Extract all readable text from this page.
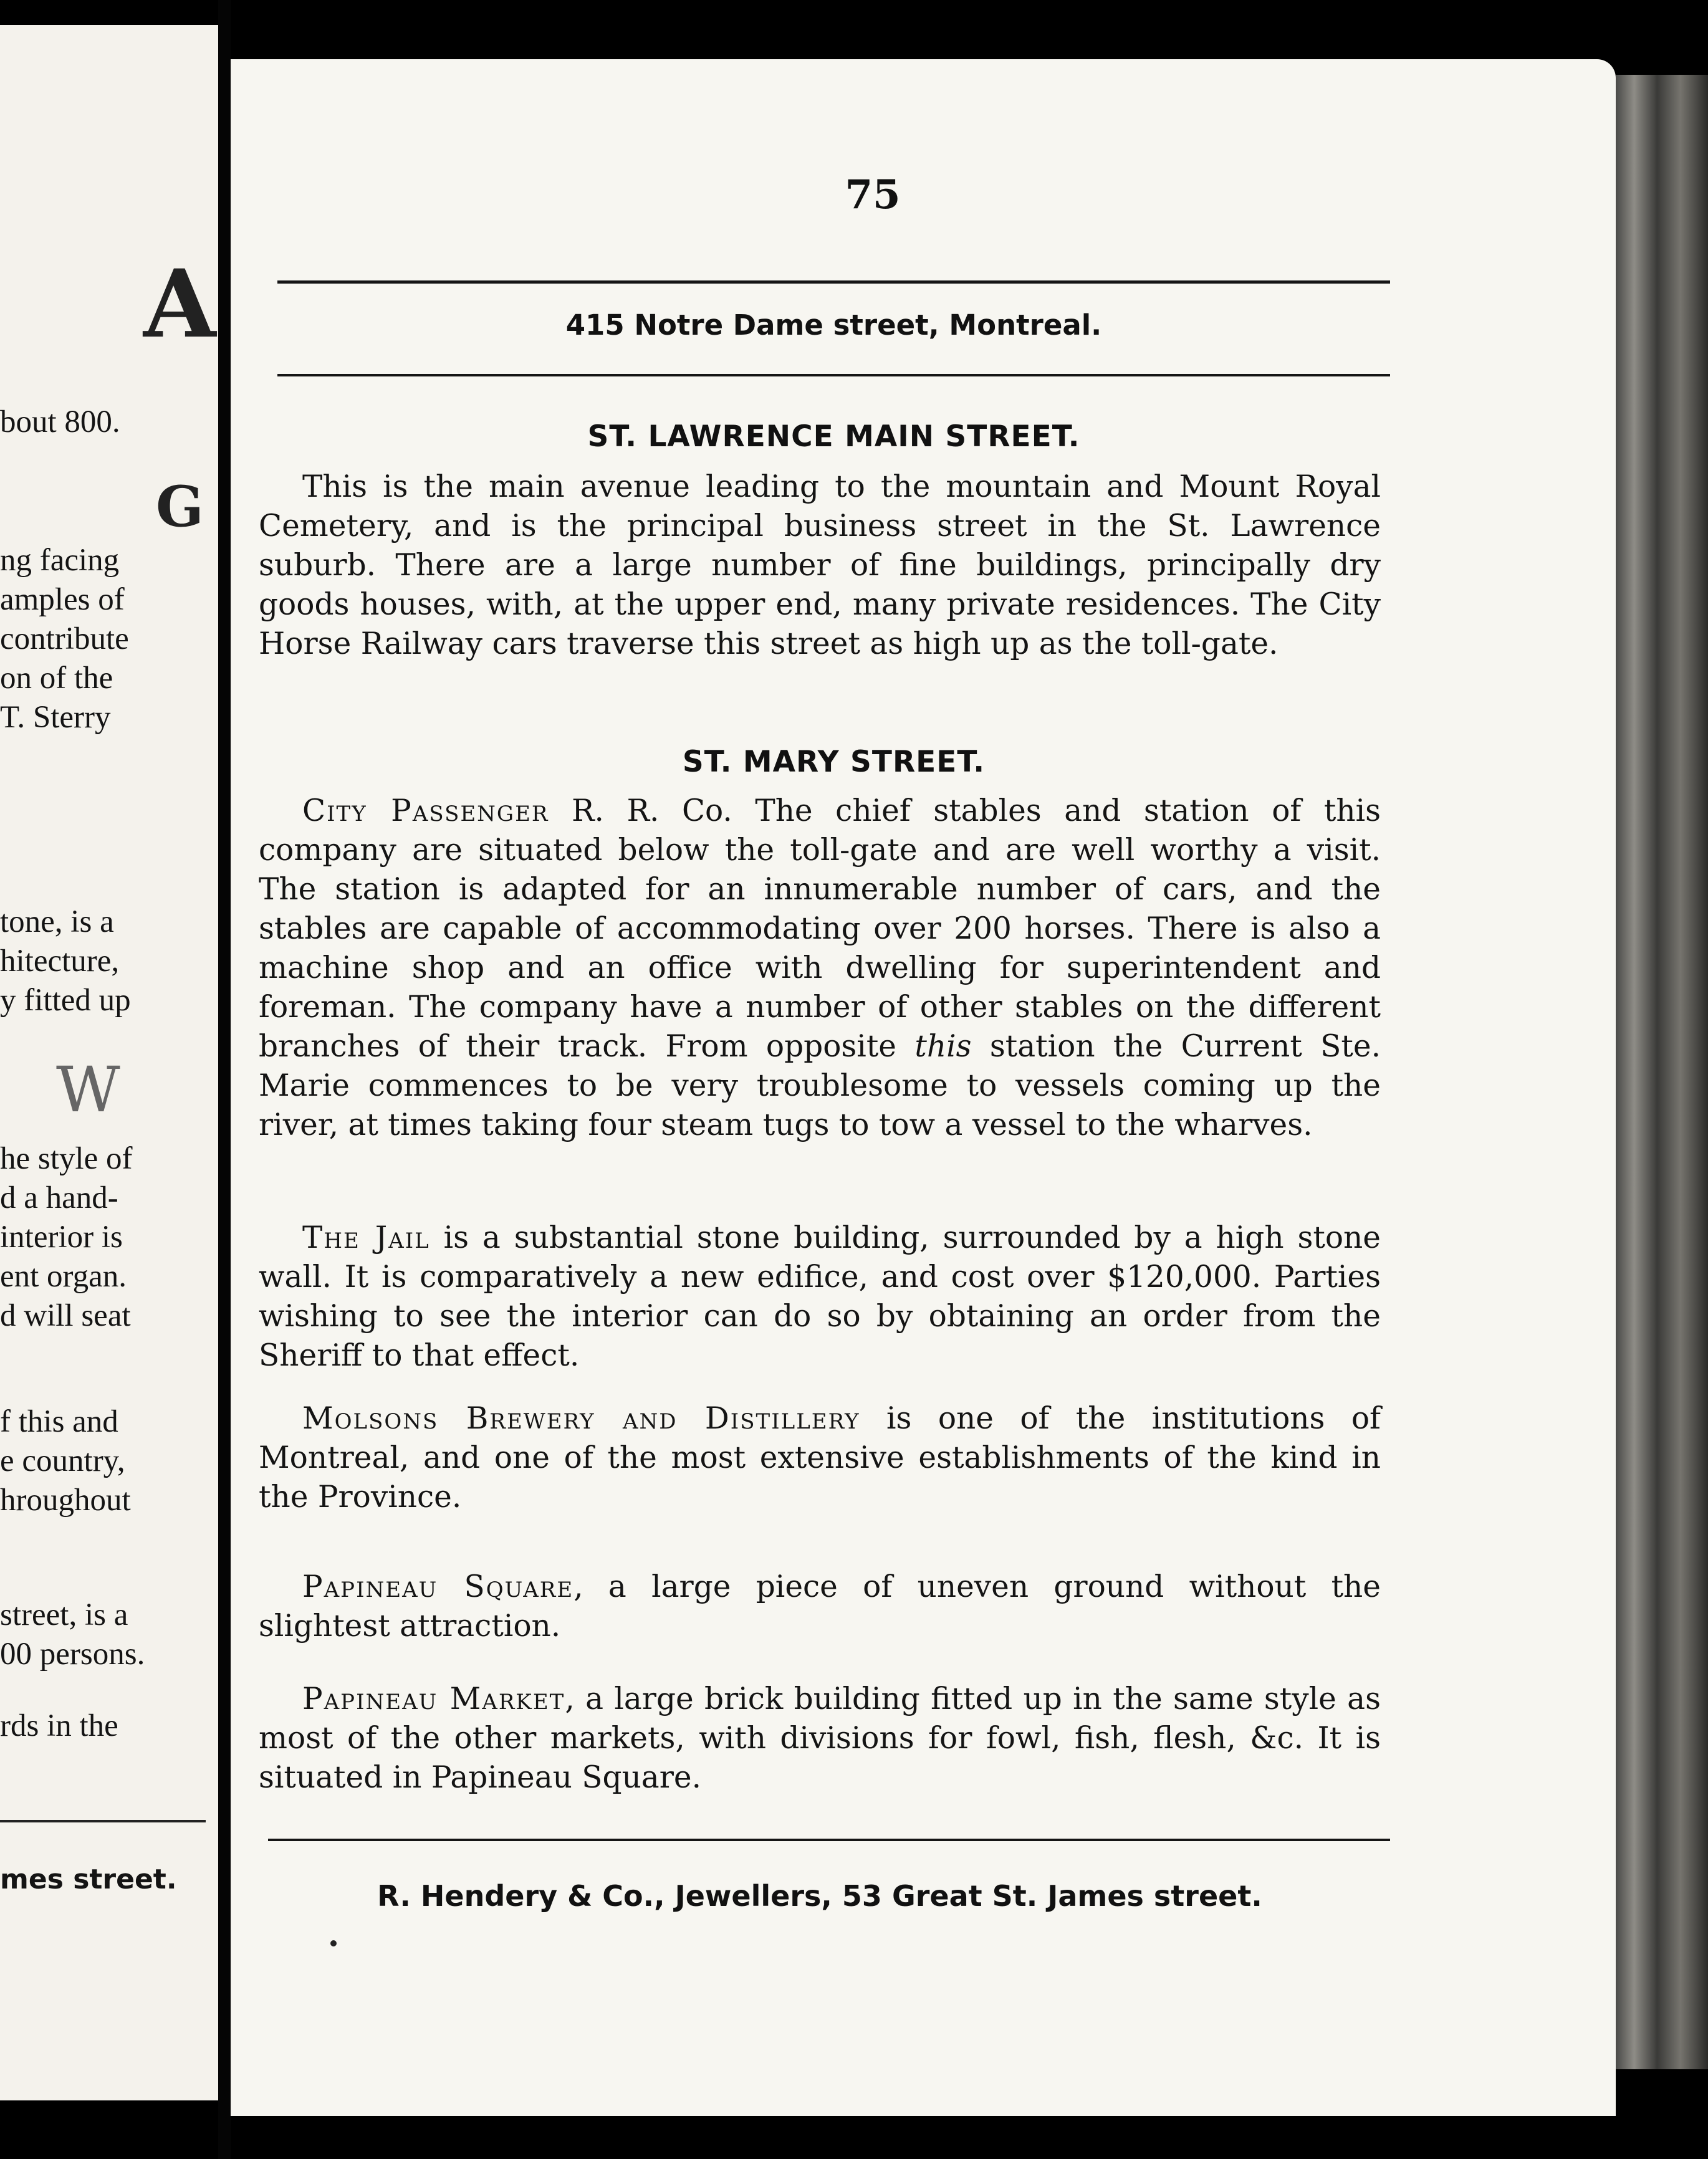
A
bout 800.
G
ng facing
amples of
contribute
on of the
T. Sterry
tone, is a
hitecture,
y fitted up
W
he style of
d a hand-
interior is
ent organ.
d will seat
f this and
e country,
hroughout
street, is a
00 persons.
rds in the
mes street.
75
415 Notre Dame street, Montreal.
ST. LAWRENCE MAIN STREET.
This is the main avenue leading to the mountain and Mount Royal Cemetery, and is the principal business street in the St. Lawrence suburb. There are a large number of fine buildings, principally dry goods houses, with, at the upper end, many private residences. The City Horse Railway cars traverse this street as high up as the toll-gate.
ST. MARY STREET.
City Passenger R. R. Co. The chief stables and station of this company are situated below the toll-gate and are well worthy a visit. The station is adapted for an innumerable number of cars, and the stables are capable of accommodating over 200 horses. There is also a machine shop and an office with dwelling for superintendent and foreman. The company have a number of other stables on the different branches of their track. From opposite this station the Current Ste. Marie commences to be very troublesome to vessels coming up the river, at times taking four steam tugs to tow a vessel to the wharves.
The Jail is a substantial stone building, surrounded by a high stone wall. It is comparatively a new edifice, and cost over $120,000. Parties wishing to see the interior can do so by obtaining an order from the Sheriff to that effect.
Molsons Brewery and Distillery is one of the institutions of Montreal, and one of the most extensive establishments of the kind in the Province.
Papineau Square, a large piece of uneven ground without the slightest attraction.
Papineau Market, a large brick building fitted up in the same style as most of the other markets, with divisions for fowl, fish, flesh, &c. It is situated in Papineau Square.
R. Hendery & Co., Jewellers, 53 Great St. James street.
